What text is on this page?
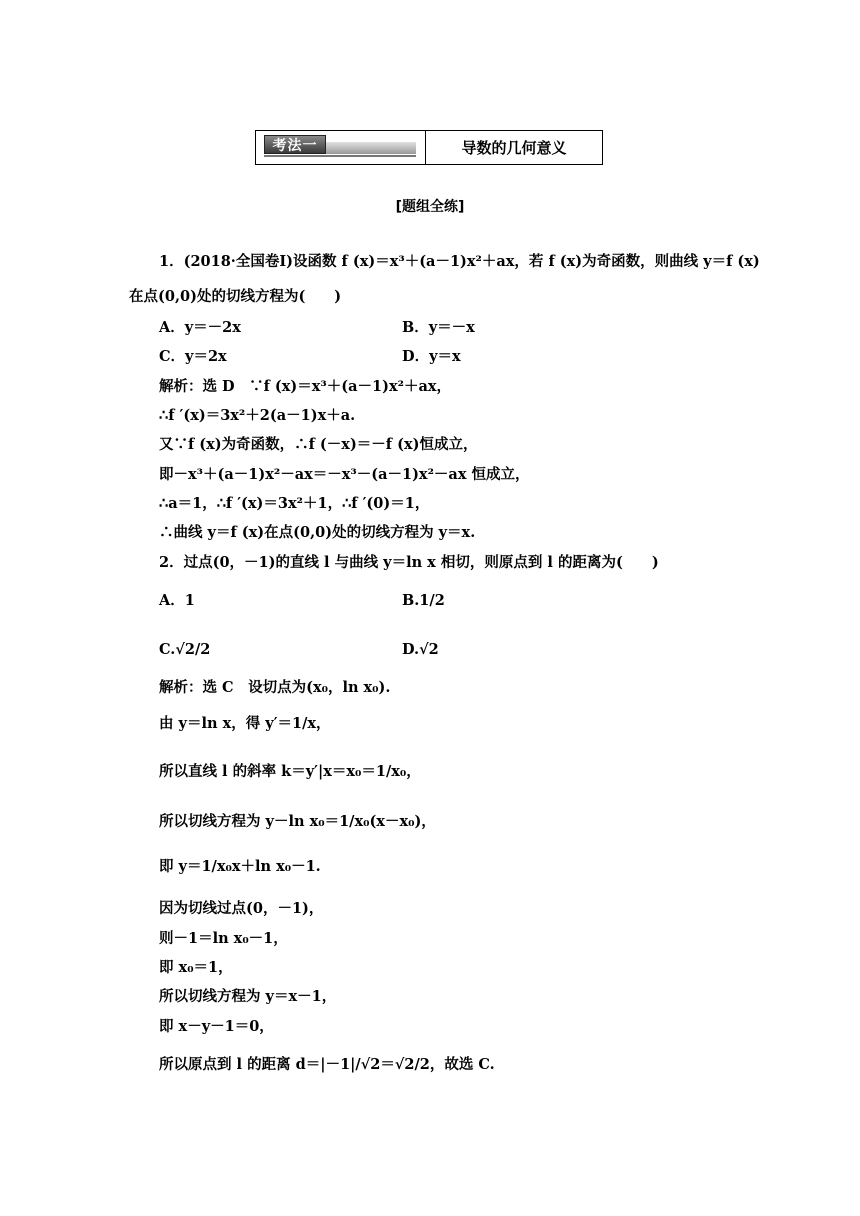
考法一	导数的几何意义
[题组全练]
1．(2018·全国卷Ⅰ)设函数 f (x)＝x³＋(a－1)x²＋ax，若 f (x)为奇函数，则曲线 y＝f (x)
在点(0,0)处的切线方程为(　　)
A．y＝－2x	B．y＝－x
C．y＝2x	D．y＝x
解析：选 D　∵f (x)＝x³＋(a－1)x²＋ax，
∴f ′(x)＝3x²＋2(a－1)x＋a.
又∵f (x)为奇函数，∴f (－x)＝－f (x)恒成立，
即－x³＋(a－1)x²－ax＝－x³－(a－1)x²－ax 恒成立，
∴a＝1，∴f ′(x)＝3x²＋1，∴f ′(0)＝1，
∴曲线 y＝f (x)在点(0,0)处的切线方程为 y＝x.
2．过点(0，－1)的直线 l 与曲线 y＝ln x 相切，则原点到 l 的距离为(　　)
A．1	B.1/2
C.√2/2	D.√2
解析：选 C　设切点为(x₀，ln x₀).
由 y＝ln x，得 y′＝1/x，
所以直线 l 的斜率 k＝y′|x＝x₀＝1/x₀，
所以切线方程为 y－ln x₀＝1/x₀(x－x₀)，
即 y＝1/x₀x＋ln x₀－1.
因为切线过点(0，－1)，
则－1＝ln x₀－1，
即 x₀＝1，
所以切线方程为 y＝x－1，
即 x－y－1＝0，
所以原点到 l 的距离 d＝|－1|/√2＝√2/2，故选 C.
